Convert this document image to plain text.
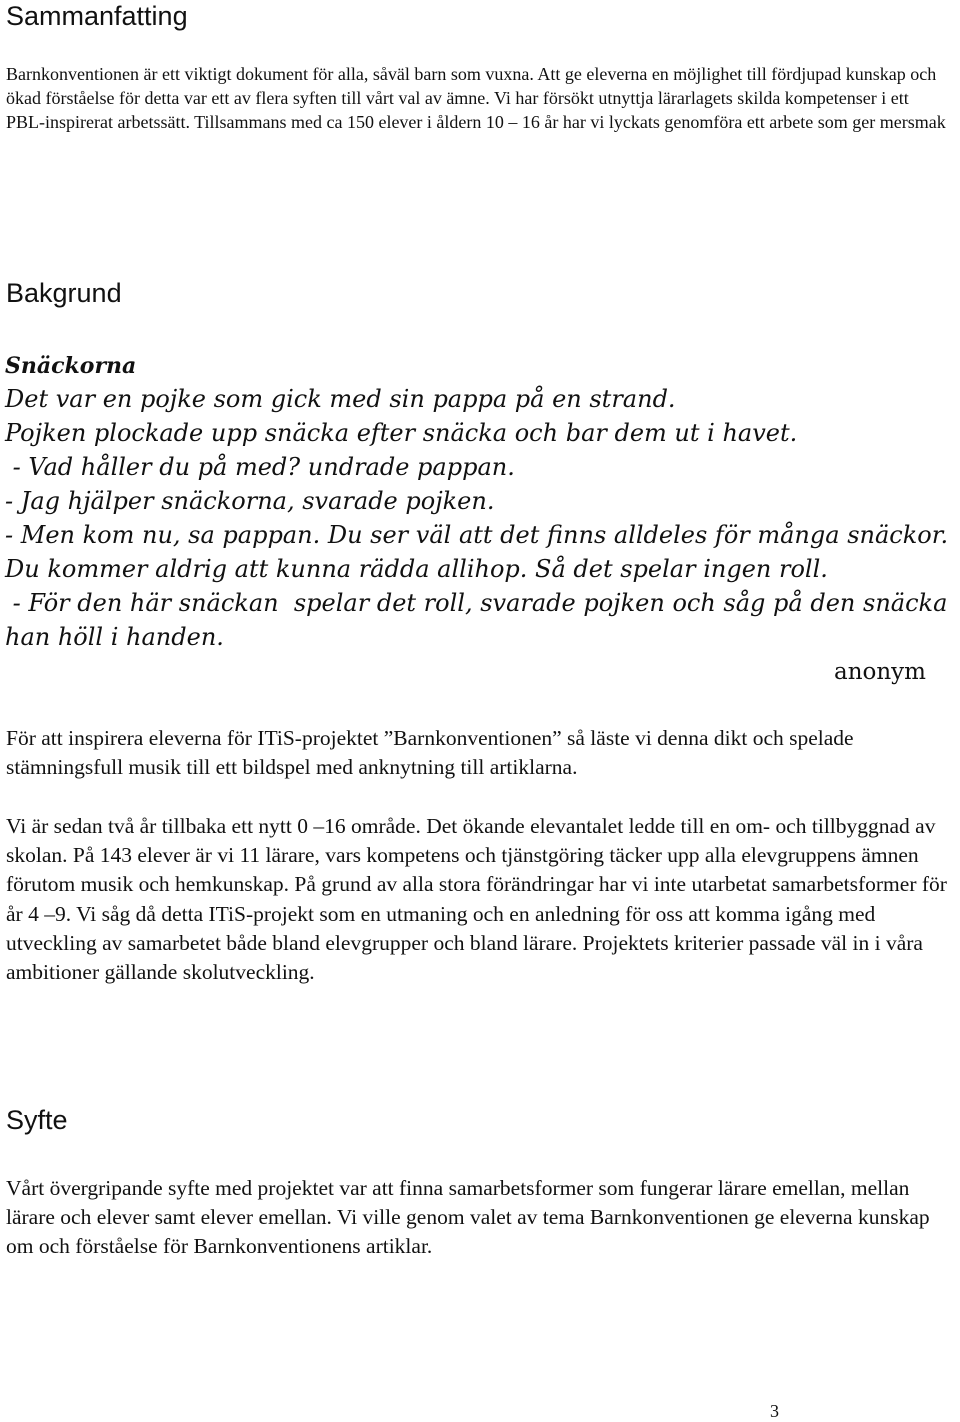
Sammanfatting

Barnkonventionen är ett viktigt dokument för alla, såväl barn som vuxna. Att ge eleverna en möjlighet till fördjupad kunskap och ökad förståelse för detta var ett av flera syften till vårt val av ämne. Vi har försökt utnyttja lärarlagets skilda kompetenser i ett PBL-inspirerat arbetssätt. Tillsammans med ca 150 elever i åldern 10 – 16 år har vi lyckats genomföra ett arbete som ger mersmak

Bakgrund
Snäckorna
Det var en pojke som gick med sin pappa på en strand.
Pojken plockade upp snäcka efter snäcka och bar dem ut i havet.
- Vad håller du på med? undrade pappan.
- Jag hjälper snäckorna, svarade pojken.
- Men kom nu, sa pappan. Du ser väl att det finns alldeles för många snäckor.
Du kommer aldrig att kunna rädda allihop. Så det spelar ingen roll.
- För den här snäckan  spelar det roll, svarade pojken och såg på den snäcka
han höll i handen.
anonym

För att inspirera eleverna för ITiS-projektet ”Barnkonventionen” så läste vi denna dikt och spelade stämningsfull musik till ett bildspel med anknytning till artiklarna.

Vi är sedan två år tillbaka ett nytt 0 –16 område. Det ökande elevantalet ledde till en om- och tillbyggnad av skolan. På 143 elever är vi 11 lärare, vars kompetens och tjänstgöring täcker upp alla elevgruppens ämnen förutom musik och hemkunskap. På grund av alla stora förändringar har vi inte utarbetat samarbetsformer för år 4 –9. Vi såg då detta ITiS-projekt som en utmaning och en anledning för oss att komma igång med utveckling av samarbetet både bland elevgrupper och bland lärare. Projektets kriterier passade väl in i våra ambitioner gällande skolutveckling.

Syfte

Vårt övergripande syfte med projektet var att finna samarbetsformer som fungerar lärare emellan, mellan lärare och elever samt elever emellan. Vi ville genom valet av tema Barnkonventionen ge eleverna kunskap om och förståelse för Barnkonventionens artiklar.

3
